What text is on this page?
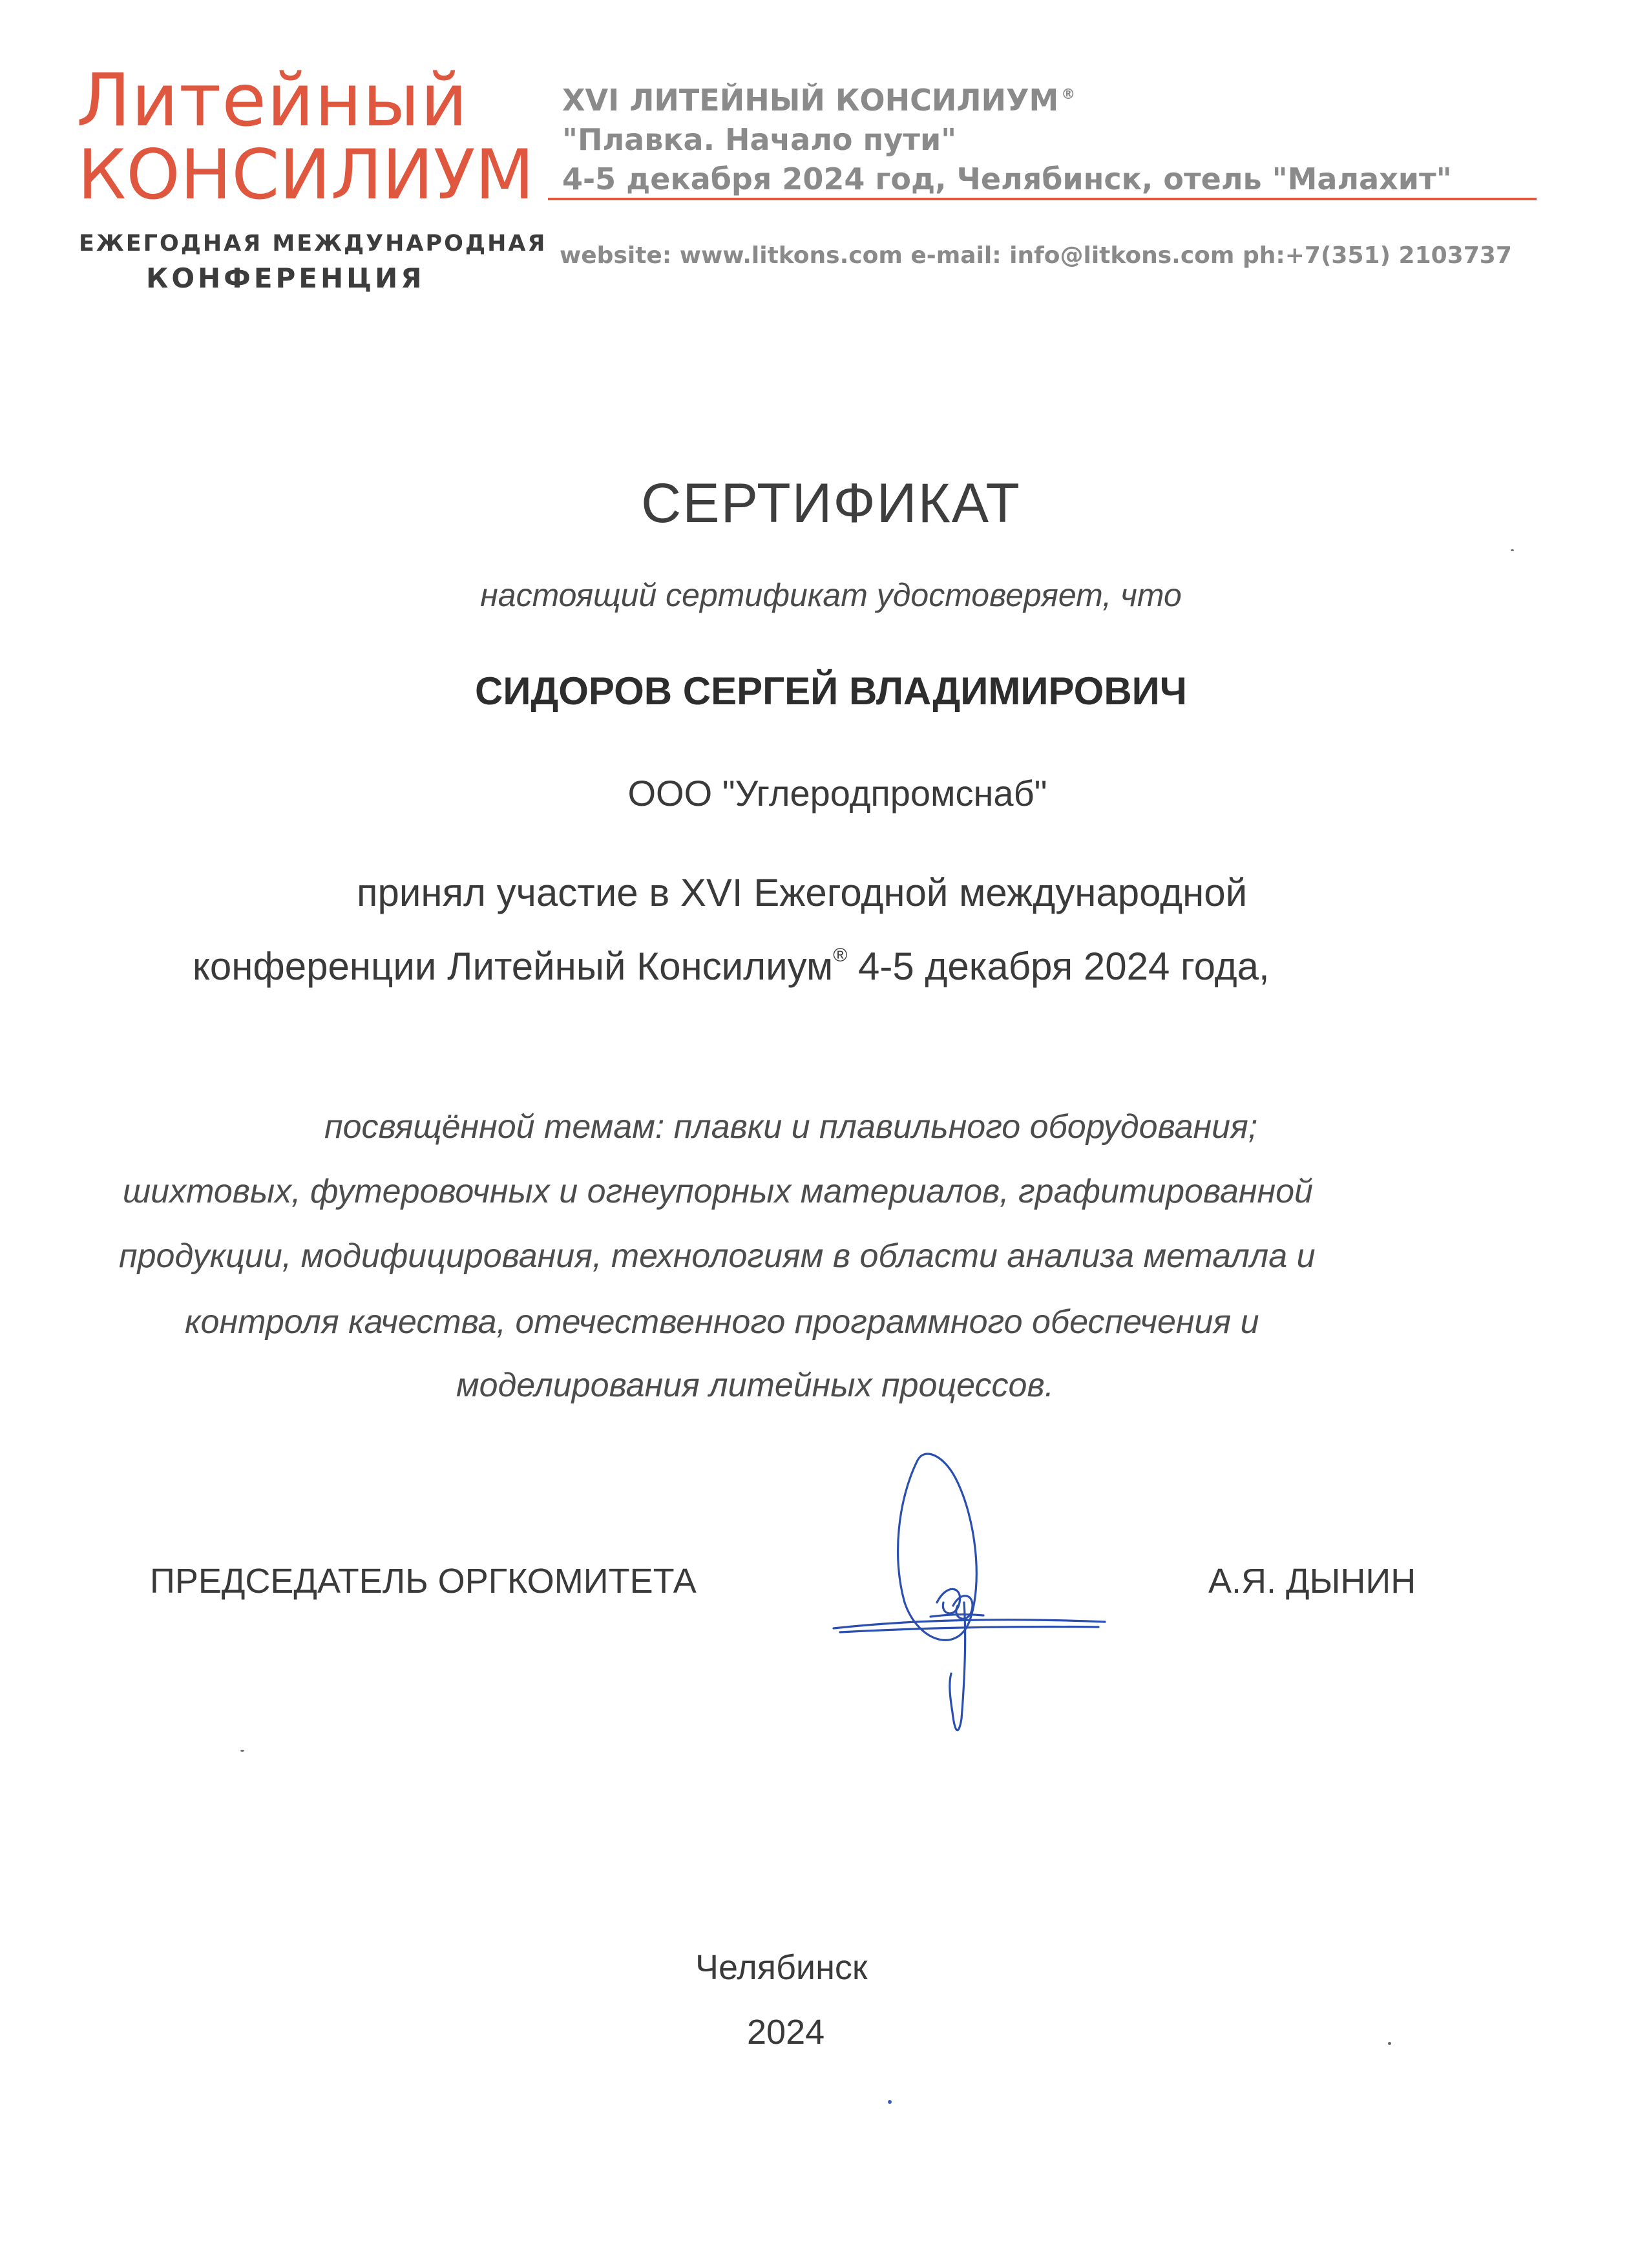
Литейный
КОНСИЛИУМ
ЕЖЕГОДНАЯ МЕЖДУНАРОДНАЯ
КОНФЕРЕНЦИЯ
XVI ЛИТЕЙНЫЙ КОНСИЛИУМ ®
"Плавка. Начало пути"
4-5 декабря 2024 год, Челябинск, отель "Малахит"
website: www.litkons.com e-mail: info@litkons.com ph:+7(351) 2103737
СЕРТИФИКАТ
настоящий сертификат удостоверяет, что
СИДОРОВ СЕРГЕЙ ВЛАДИМИРОВИЧ
ООО "Углеродпромснаб"
принял участие в XVI Ежегодной международной
конференции Литейный Консилиум® 4-5 декабря 2024 года,
посвящённой темам: плавки и плавильного оборудования;
шихтовых, футеровочных и огнеупорных материалов, графитированной
продукции, модифицирования, технологиям в области анализа металла и
контроля качества, отечественного программного обеспечения и
моделирования литейных процессов.
ПРЕДСЕДАТЕЛЬ ОРГКОМИТЕТА	А.Я. ДЫНИН
Челябинск
2024
